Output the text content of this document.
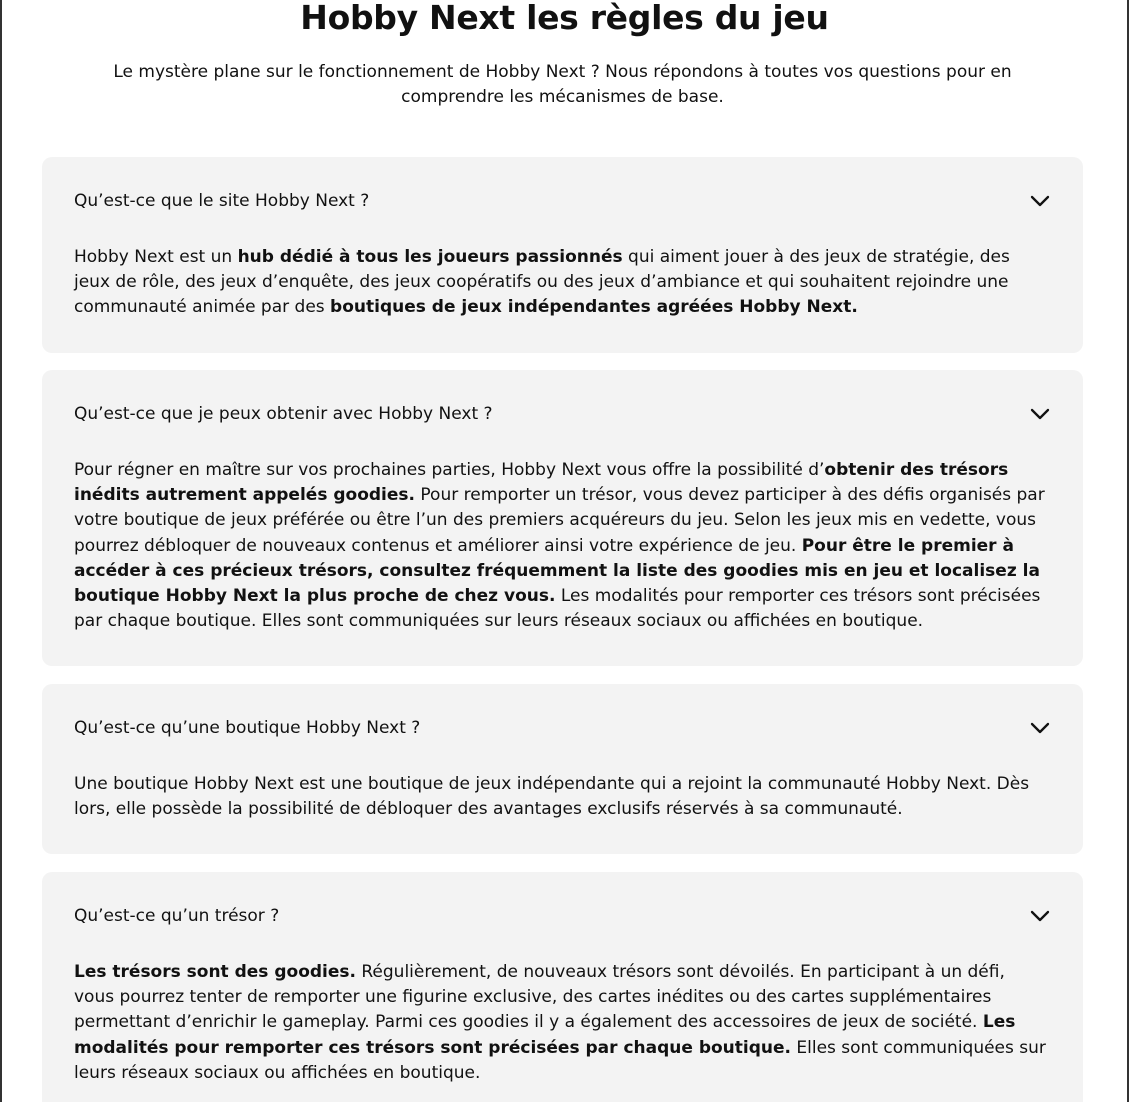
Hobby Next les règles du jeu

Le mystère plane sur le fonctionnement de Hobby Next ? Nous répondons à toutes vos questions pour en comprendre les mécanismes de base.

Qu’est-ce que le site Hobby Next ?

Hobby Next est un hub dédié à tous les joueurs passionnés qui aiment jouer à des jeux de stratégie, des jeux de rôle, des jeux d’enquête, des jeux coopératifs ou des jeux d’ambiance et qui souhaitent rejoindre une communauté animée par des boutiques de jeux indépendantes agréées Hobby Next.

Qu’est-ce que je peux obtenir avec Hobby Next ?

Pour régner en maître sur vos prochaines parties, Hobby Next vous offre la possibilité d’obtenir des trésors inédits autrement appelés goodies. Pour remporter un trésor, vous devez participer à des défis organisés par votre boutique de jeux préférée ou être l’un des premiers acquéreurs du jeu. Selon les jeux mis en vedette, vous pourrez débloquer de nouveaux contenus et améliorer ainsi votre expérience de jeu. Pour être le premier à accéder à ces précieux trésors, consultez fréquemment la liste des goodies mis en jeu et localisez la boutique Hobby Next la plus proche de chez vous. Les modalités pour remporter ces trésors sont précisées par chaque boutique. Elles sont communiquées sur leurs réseaux sociaux ou affichées en boutique.

Qu’est-ce qu’une boutique Hobby Next ?

Une boutique Hobby Next est une boutique de jeux indépendante qui a rejoint la communauté Hobby Next. Dès lors, elle possède la possibilité de débloquer des avantages exclusifs réservés à sa communauté.

Qu’est-ce qu’un trésor ?

Les trésors sont des goodies. Régulièrement, de nouveaux trésors sont dévoilés. En participant à un défi, vous pourrez tenter de remporter une figurine exclusive, des cartes inédites ou des cartes supplémentaires permettant d’enrichir le gameplay. Parmi ces goodies il y a également des accessoires de jeux de société. Les modalités pour remporter ces trésors sont précisées par chaque boutique. Elles sont communiquées sur leurs réseaux sociaux ou affichées en boutique.
